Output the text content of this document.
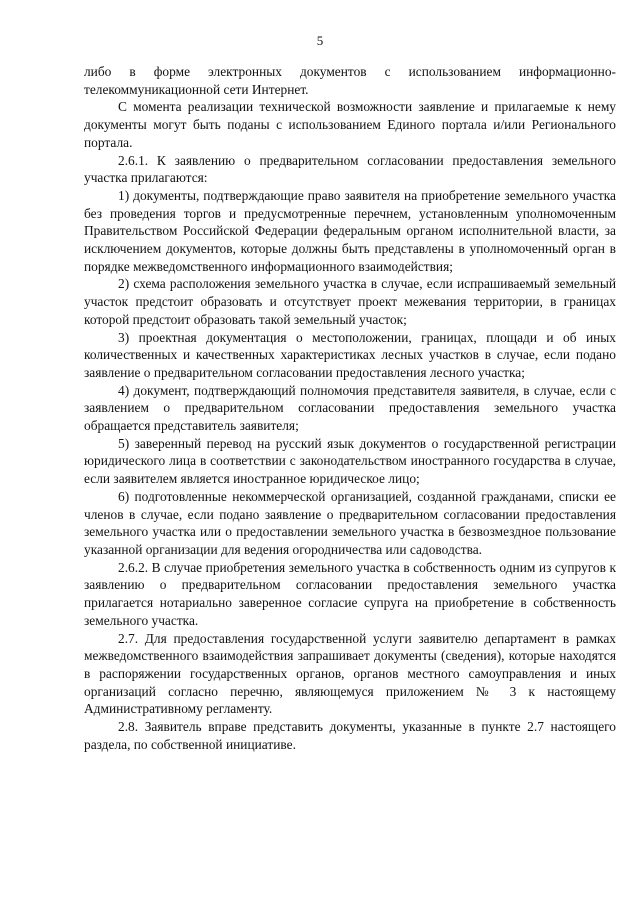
5

либо в форме электронных документов с использованием информационно-телекоммуникационной сети Интернет.

С момента реализации технической возможности заявление и прилагаемые к нему документы могут быть поданы с использованием Единого портала и/или Регионального портала.

2.6.1. К заявлению о предварительном согласовании предоставления земельного участка прилагаются:

1) документы, подтверждающие право заявителя на приобретение земельного участка без проведения торгов и предусмотренные перечнем, установленным уполномоченным Правительством Российской Федерации федеральным органом исполнительной власти, за исключением документов, которые должны быть представлены в уполномоченный орган в порядке межведомственного информационного взаимодействия;

2) схема расположения земельного участка в случае, если испрашиваемый земельный участок предстоит образовать и отсутствует проект межевания территории, в границах которой предстоит образовать такой земельный участок;

3) проектная документация о местоположении, границах, площади и об иных количественных и качественных характеристиках лесных участков в случае, если подано заявление о предварительном согласовании предоставления лесного участка;

4) документ, подтверждающий полномочия представителя заявителя, в случае, если с заявлением о предварительном согласовании предоставления земельного участка обращается представитель заявителя;

5) заверенный перевод на русский язык документов о государственной регистрации юридического лица в соответствии с законодательством иностранного государства в случае, если заявителем является иностранное юридическое лицо;

6) подготовленные некоммерческой организацией, созданной гражданами, списки ее членов в случае, если подано заявление о предварительном согласовании предоставления земельного участка или о предоставлении земельного участка в безвозмездное пользование указанной организации для ведения огородничества или садоводства.

2.6.2. В случае приобретения земельного участка в собственность одним из супругов к заявлению о предварительном согласовании предоставления земельного участка прилагается нотариально заверенное согласие супруга на приобретение в собственность земельного участка.

2.7. Для предоставления государственной услуги заявителю департамент в рамках межведомственного взаимодействия запрашивает документы (сведения), которые находятся в распоряжении государственных органов, органов местного самоуправления и иных организаций согласно перечню, являющемуся приложением № 3 к настоящему Административному регламенту.

2.8. Заявитель вправе представить документы, указанные в пункте 2.7 настоящего раздела, по собственной инициативе.
